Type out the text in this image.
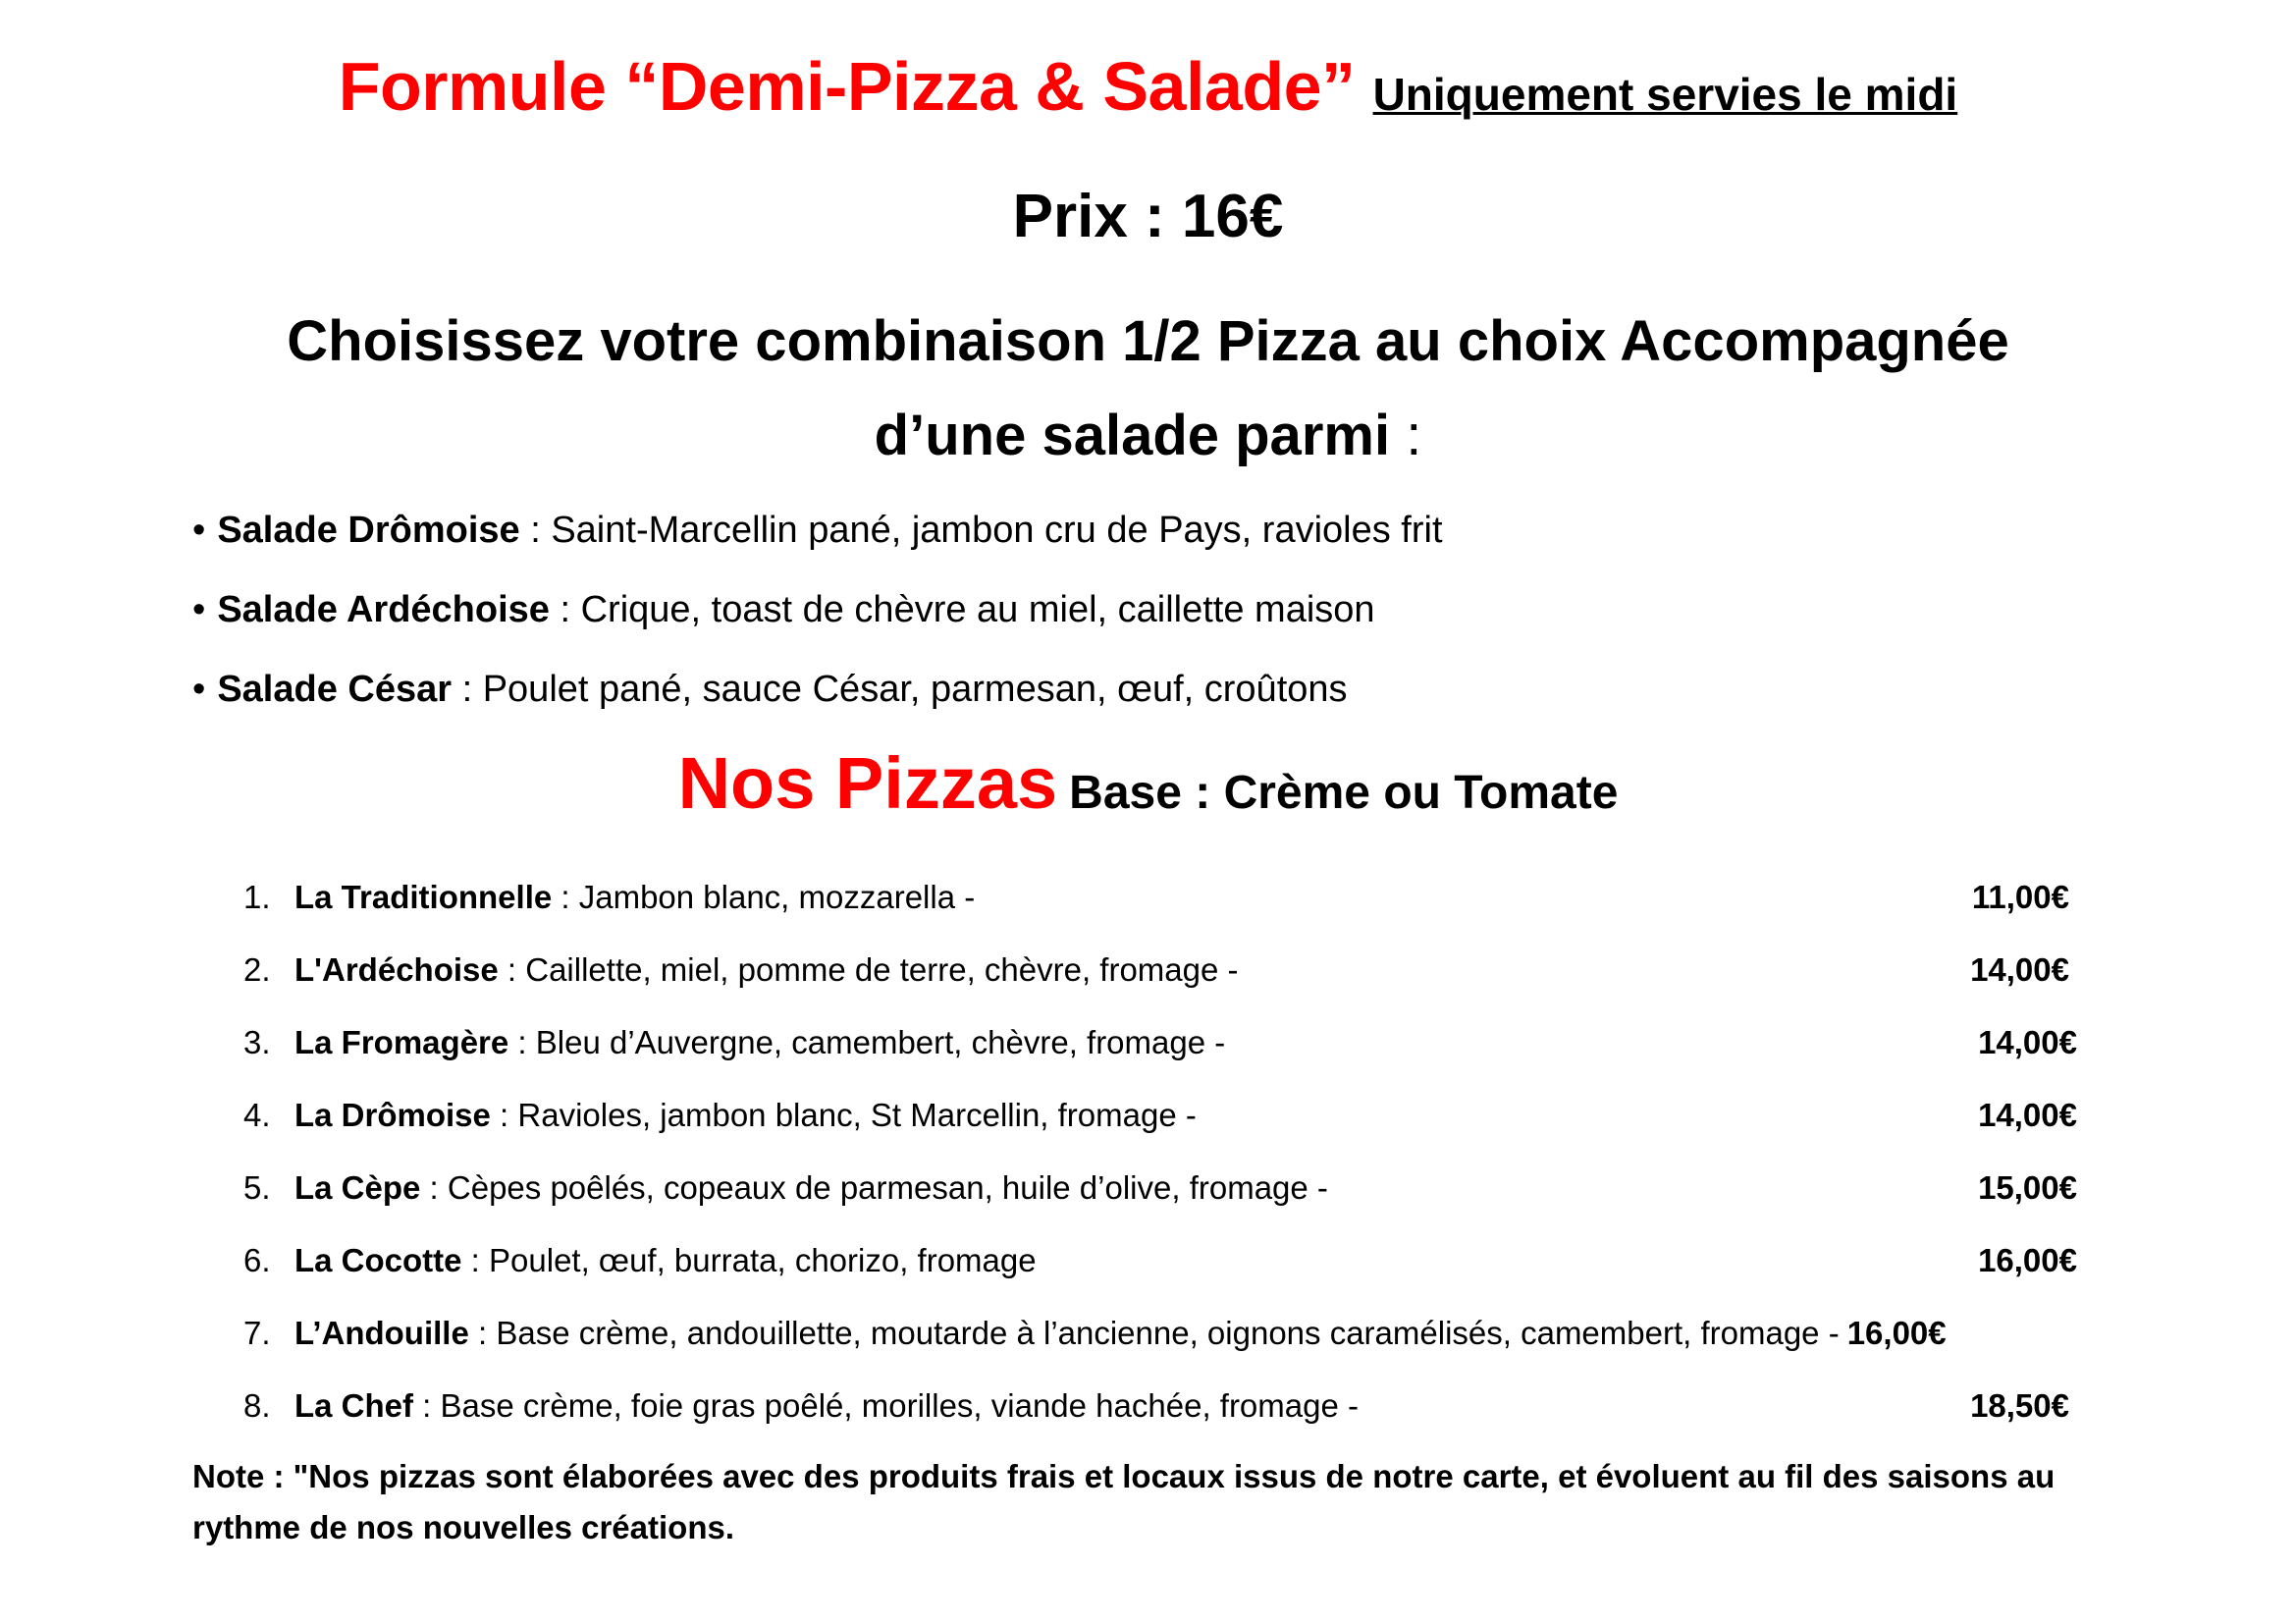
Formule “Demi-Pizza & Salade” Uniquement servies le midi
Prix : 16€
Choisissez votre combinaison 1/2 Pizza au choix Accompagnée
d’une salade parmi :
• Salade Drômoise : Saint-Marcellin pané, jambon cru de Pays, ravioles frit
• Salade Ardéchoise : Crique, toast de chèvre au miel, caillette maison
• Salade César : Poulet pané, sauce César, parmesan, œuf, croûtons
Nos Pizzas Base : Crème ou Tomate
1. La Traditionnelle : Jambon blanc, mozzarella -	11,00€
2. L'Ardéchoise : Caillette, miel, pomme de terre, chèvre, fromage -	14,00€
3. La Fromagère : Bleu d’Auvergne, camembert, chèvre, fromage -	14,00€
4. La Drômoise : Ravioles, jambon blanc, St Marcellin, fromage -	14,00€
5. La Cèpe : Cèpes poêlés, copeaux de parmesan, huile d’olive, fromage -	15,00€
6. La Cocotte : Poulet, œuf, burrata, chorizo, fromage	16,00€
7. L’Andouille : Base crème, andouillette, moutarde à l’ancienne, oignons caramélisés, camembert, fromage - 16,00€
8. La Chef : Base crème, foie gras poêlé, morilles, viande hachée, fromage -	18,50€
Note : "Nos pizzas sont élaborées avec des produits frais et locaux issus de notre carte, et évoluent au fil des saisons au rythme de nos nouvelles créations.
